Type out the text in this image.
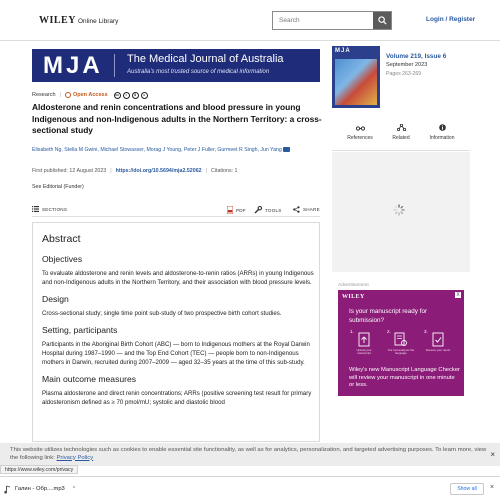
WILEY Online Library
Search	Login / Register
MJA The Medical Journal of Australia
Australia's most trusted source of medical information
Research | Open Access	cc	i	$	=
Aldosterone and renin concentrations and blood pressure in young Indigenous and non-Indigenous adults in the Northern Territory: a cross-sectional study
Elisabeth Ng, Stella M Gwini, Michael Stowasser, Morag J Young, Peter J Fuller, Gurmeet R Singh, Jun Yang
First published:
12 August 2023 | https://doi.org/10.5694/mja2.52062 | Citations: 1
See Editorial (Funder)
SECTIONS	PDF	TOOLS	SHARE
Abstract
Objectives
To evaluate aldosterone and renin levels and aldosterone-to-renin ratios (ARRs) in young Indigenous and non-Indigenous adults in the Northern Territory, and their association with blood pressure levels.
Design
Cross-sectional study; single time point sub-study of two prospective birth cohort studies.
Setting, participants
Participants in the Aboriginal Birth Cohort (ABC) — born to Indigenous mothers at the Royal Darwin Hospital during 1987–1990 — and the Top End Cohort (TEC) — people born to non-Indigenous mothers in Darwin, recruited during 2007–2009 — aged 32–35 years at the time of this sub-study.
Main outcome measures
Plasma aldosterone and direct renin concentrations; ARRs (positive screening test result for primary aldosteronism defined as ≥ 70 pmol/mU; systolic and diastolic blood
MJA
Volume 219, Issue 6
September 2023
Pages 263-269
References	Related	Information
Advertisement
WILEY	X
Is your manuscript ready for submission?
1.
Upload your manuscript
2.
Our tool analyzes the language
3.
Receive your report
Wiley's new Manuscript Language Checker will review your manuscript in one minute or less.
This website utilizes technologies such as cookies to enable essential site functionality, as well as for analytics, personalization, and targeted advertising purposes. To learn more, view the following link: Privacy Policy	×
https://www.wiley.com/privacy
Галин - Обр....mp3 ^	Show all	×
